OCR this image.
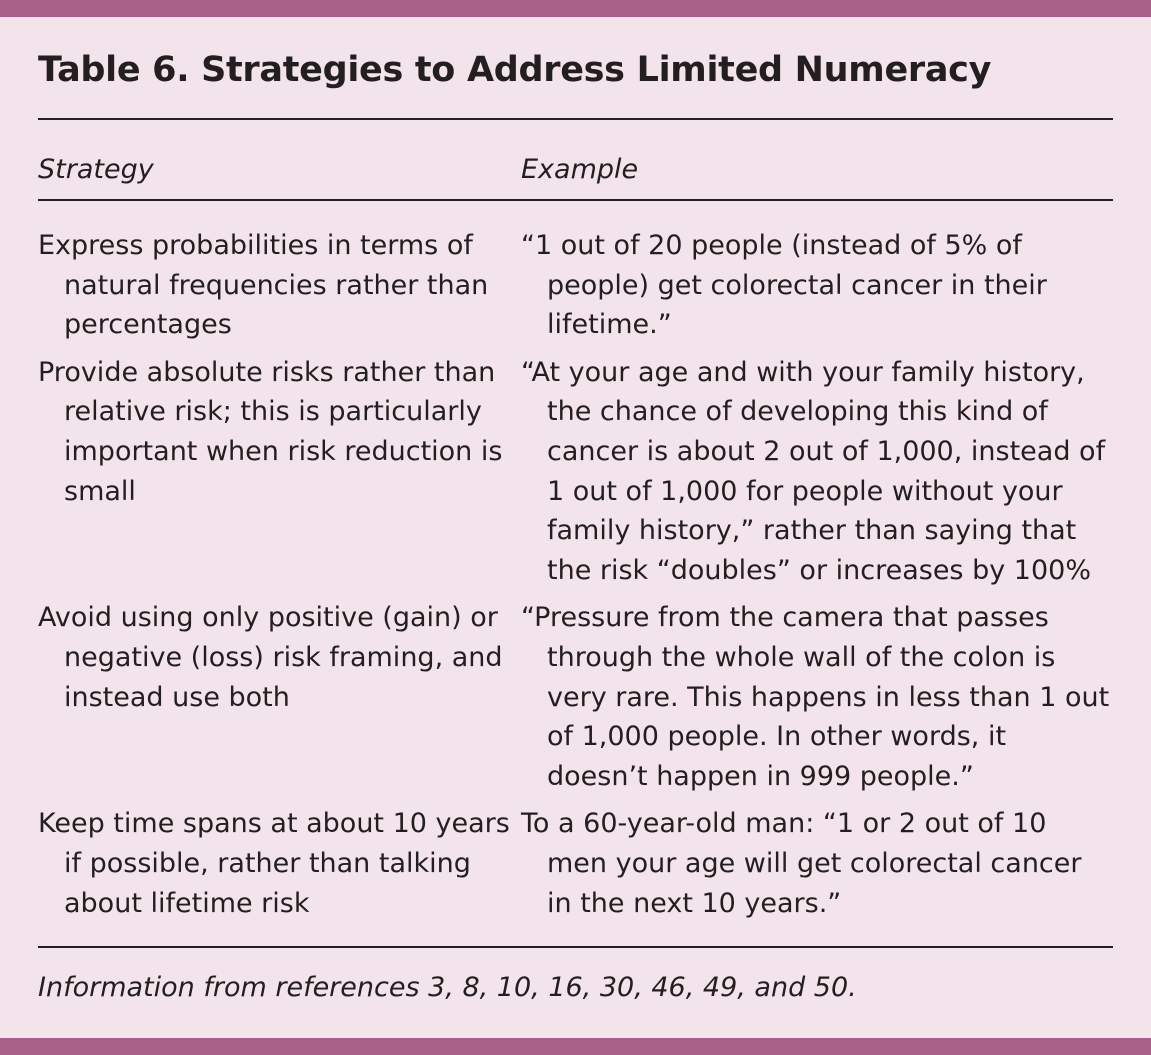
Table 6. Strategies to Address Limited Numeracy
Strategy	Example
Express probabilities in terms of natural frequencies rather than percentages
“1 out of 20 people (instead of 5% of people) get colorectal cancer in their lifetime.”
Provide absolute risks rather than relative risk; this is particularly important when risk reduction is small
“At your age and with your family history, the chance of developing this kind of cancer is about 2 out of 1,000, instead of 1 out of 1,000 for people without your family history,” rather than saying that the risk “doubles” or increases by 100%
Avoid using only positive (gain) or negative (loss) risk framing, and instead use both
“Pressure from the camera that passes through the whole wall of the colon is very rare. This happens in less than 1 out of 1,000 people. In other words, it doesn’t happen in 999 people.”
Keep time spans at about 10 years if possible, rather than talking about lifetime risk
To a 60-year-old man: “1 or 2 out of 10 men your age will get colorectal cancer in the next 10 years.”
Information from references 3, 8, 10, 16, 30, 46, 49, and 50.
